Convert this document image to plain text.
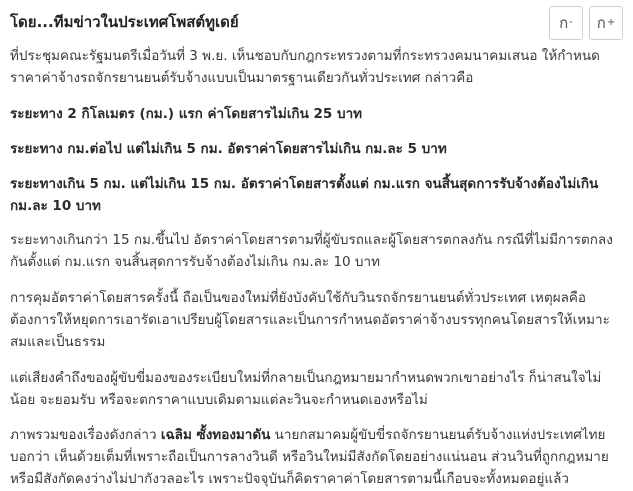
ก - ก +
โดย...ทีมข่าวในประเทศโพสต์ทูเดย์

ที่ประชุมคณะรัฐมนตรีเมื่อวันที่ 3 พ.ย. เห็นชอบกับกฎกระทรวงตามที่กระทรวงคมนาคมเสนอ ให้กำหนดราคาค่าจ้างรถจักรยานยนต์รับจ้างแบบเป็นมาตรฐานเดียวกันทั่วประเทศ กล่าวคือ

ระยะทาง 2 กิโลเมตร (กม.) แรก ค่าโดยสารไม่เกิน 25 บาท

ระยะทาง กม.ต่อไป แต่ไม่เกิน 5 กม. อัตราค่าโดยสารไม่เกิน กม.ละ 5 บาท

ระยะทางเกิน 5 กม. แต่ไม่เกิน 15 กม. อัตราค่าโดยสารตั้งแต่ กม.แรก จนสิ้นสุดการรับจ้างต้องไม่เกิน กม.ละ 10 บาท

ระยะทางเกินกว่า 15 กม.ขึ้นไป อัตราค่าโดยสารตามที่ผู้ขับรถและผู้โดยสารตกลงกัน กรณีที่ไม่มีการตกลงกันตั้งแต่ กม.แรก จนสิ้นสุดการรับจ้างต้องไม่เกิน กม.ละ 10 บาท

การคุมอัตราค่าโดยสารครั้งนี้ ถือเป็นของใหม่ที่ยังบังคับใช้กับวินรถจักรยานยนต์ทั่วประเทศ เหตุผลคือต้องการให้หยุดการเอารัดเอาเปรียบผู้โดยสารและเป็นการกำหนดอัตราค่าจ้างบรรทุกคนโดยสารให้เหมาะสมและเป็นธรรม

แต่เสียงคำถึงของผู้ขับขี่มองของระเบียบใหม่ที่กลายเป็นกฎหมายมากำหนดพวกเขาอย่างไร ก็น่าสนใจไม่น้อย จะยอมรับ หรือจะตกราคาแบบเดิมตามแต่ละวินจะกำหนดเองหรือไม่

ภาพรวมของเรื่องดังกล่าว เฉลิม ซั้งทองมาดัน นายกสมาคมผู้ขับขี่รถจักรยานยนต์รับจ้างแห่งประเทศไทย บอกว่า เห็นด้วยเต็มที่เพราะถือเป็นการลางวินดี หรือวินใหม่มีสังกัดโดยอย่างแน่นอน ส่วนวินที่ถูกกฎหมายหรือมีสังกัดคงว่างไม่ปากังวลอะไร เพราะปัจจุบันก็คิดราคาค่าโดยสารตามนี้เกือบจะทั้งหมดอยู่แล้ว
